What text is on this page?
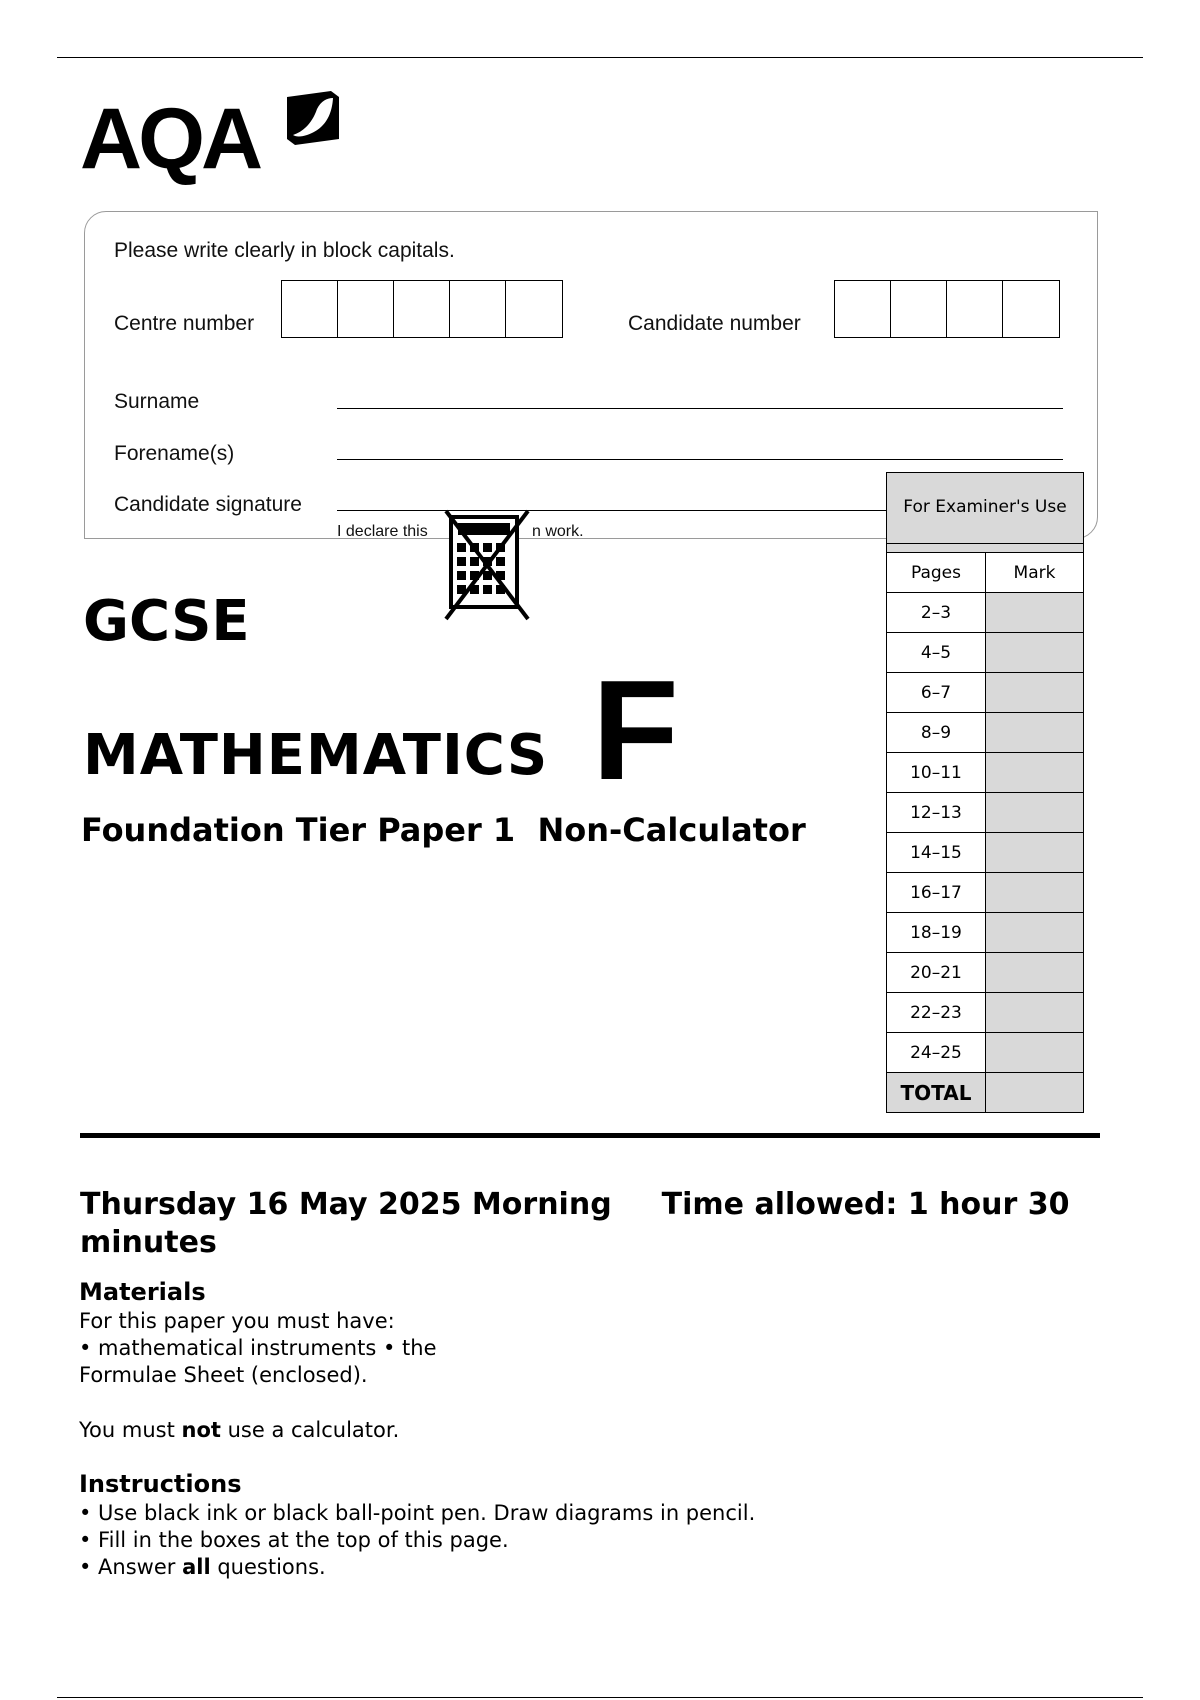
AQA
Please write clearly in block capitals.
Centre number	Candidate number
Surname
Forename(s)
Candidate signature
I declare this	n work.
GCSE
MATHEMATICS F
Foundation Tier Paper 1  Non-Calculator
For Examiner's Use	

Pages	Mark
2–3	
4–5	
6–7	
8–9	
10–11	
12–13	
14–15	
16–17	
18–19	
20–21	
22–23	
24–25	
TOTAL	
Thursday 16 May 2025 Morning Time allowed: 1 hour 30 minutes
Materials
For this paper you must have:
• mathematical instruments • the
Formulae Sheet (enclosed).
You must not use a calculator.
Instructions
• Use black ink or black ball-point pen. Draw diagrams in pencil.
• Fill in the boxes at the top of this page.
• Answer all questions.
